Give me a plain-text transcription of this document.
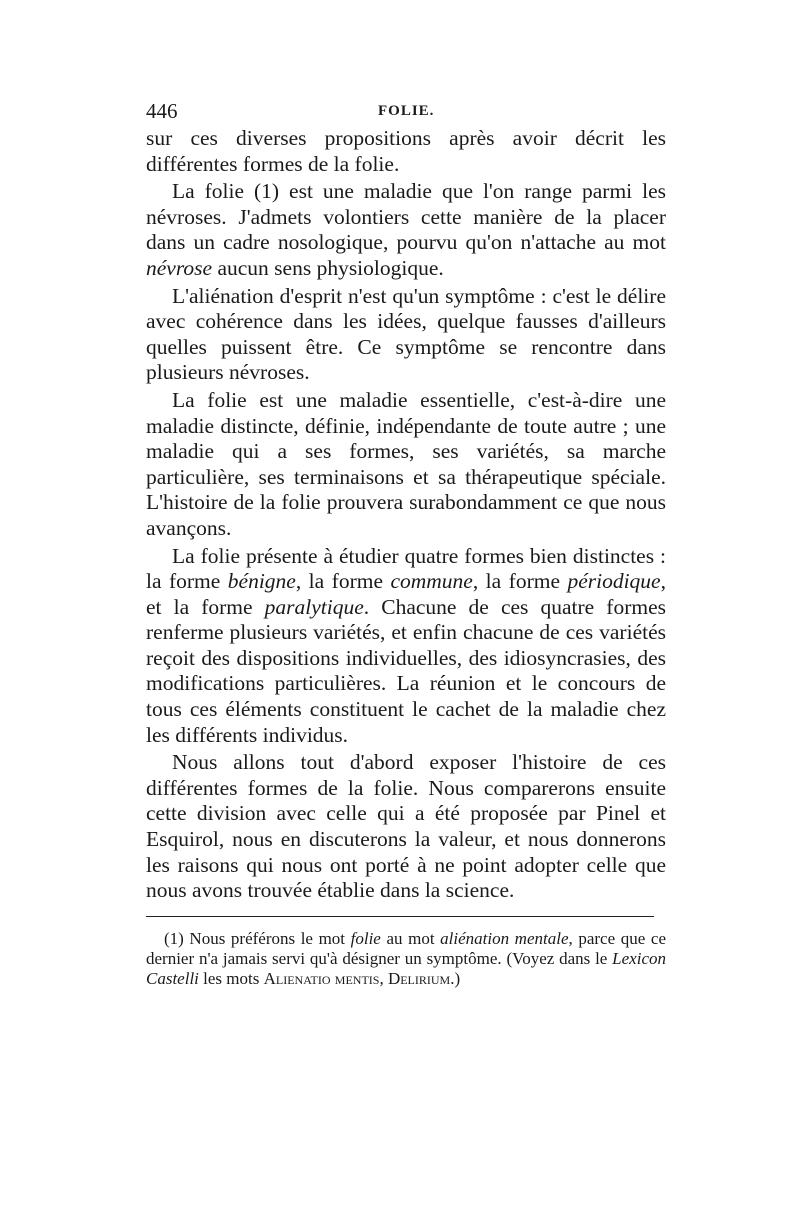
446	FOLIE.

sur ces diverses propositions après avoir décrit les différentes formes de la folie.

La folie (1) est une maladie que l'on range parmi les névroses. J'admets volontiers cette manière de la placer dans un cadre nosologique, pourvu qu'on n'attache au mot névrose aucun sens physiologique.

L'aliénation d'esprit n'est qu'un symptôme : c'est le délire avec cohérence dans les idées, quelque fausses d'ailleurs quelles puissent être. Ce symptôme se rencontre dans plusieurs névroses.

La folie est une maladie essentielle, c'est-à-dire une maladie distincte, définie, indépendante de toute autre ; une maladie qui a ses formes, ses variétés, sa marche particulière, ses terminaisons et sa thérapeutique spéciale. L'histoire de la folie prouvera surabondamment ce que nous avançons.

La folie présente à étudier quatre formes bien distinctes : la forme bénigne, la forme commune, la forme périodique, et la forme paralytique. Chacune de ces quatre formes renferme plusieurs variétés, et enfin chacune de ces variétés reçoit des dispositions individuelles, des idiosyncrasies, des modifications particulières. La réunion et le concours de tous ces éléments constituent le cachet de la maladie chez les différents individus.

Nous allons tout d'abord exposer l'histoire de ces différentes formes de la folie. Nous comparerons ensuite cette division avec celle qui a été proposée par Pinel et Esquirol, nous en discuterons la valeur, et nous donnerons les raisons qui nous ont porté à ne point adopter celle que nous avons trouvée établie dans la science.

(1) Nous préférons le mot folie au mot aliénation mentale, parce que ce dernier n'a jamais servi qu'à désigner un symptôme. (Voyez dans le Lexicon Castelli les mots Alienatio mentis, Delirium.)
